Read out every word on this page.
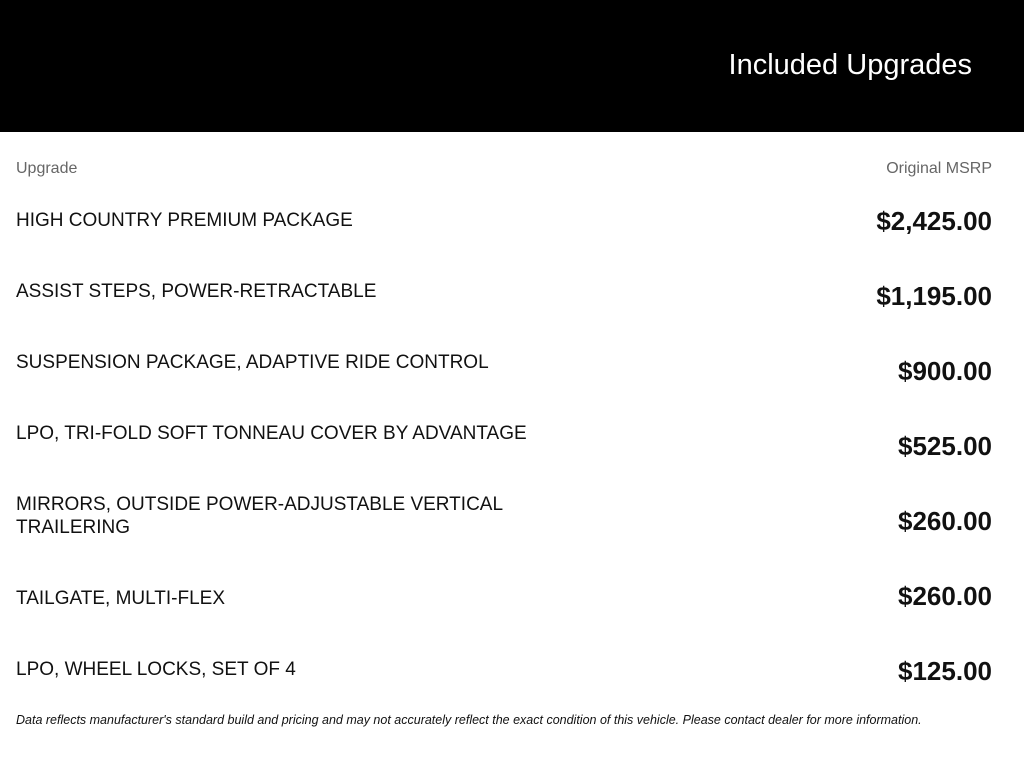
Included Upgrades
Upgrade	Original MSRP
HIGH COUNTRY PREMIUM PACKAGE	$2,425.00
ASSIST STEPS, POWER-RETRACTABLE	$1,195.00
SUSPENSION PACKAGE, ADAPTIVE RIDE CONTROL	$900.00
LPO, TRI-FOLD SOFT TONNEAU COVER BY ADVANTAGE	$525.00
MIRRORS, OUTSIDE POWER-ADJUSTABLE VERTICAL TRAILERING	$260.00
TAILGATE, MULTI-FLEX	$260.00
LPO, WHEEL LOCKS, SET OF 4	$125.00
Data reflects manufacturer's standard build and pricing and may not accurately reflect the exact condition of this vehicle. Please contact dealer for more information.
